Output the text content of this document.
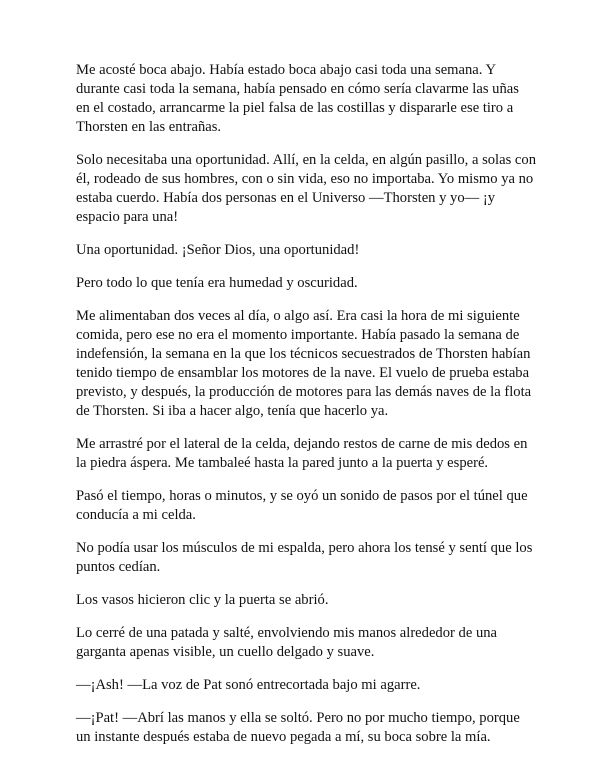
Me acosté boca abajo. Había estado boca abajo casi toda una semana. Y durante casi toda la semana, había pensado en cómo sería clavarme las uñas en el costado, arrancarme la piel falsa de las costillas y dispararle ese tiro a Thorsten en las entrañas.

Solo necesitaba una oportunidad. Allí, en la celda, en algún pasillo, a solas con él, rodeado de sus hombres, con o sin vida, eso no importaba. Yo mismo ya no estaba cuerdo. Había dos personas en el Universo —Thorsten y yo— ¡y espacio para una!

Una oportunidad. ¡Señor Dios, una oportunidad!

Pero todo lo que tenía era humedad y oscuridad.

Me alimentaban dos veces al día, o algo así. Era casi la hora de mi siguiente comida, pero ese no era el momento importante. Había pasado la semana de indefensión, la semana en la que los técnicos secuestrados de Thorsten habían tenido tiempo de ensamblar los motores de la nave. El vuelo de prueba estaba previsto, y después, la producción de motores para las demás naves de la flota de Thorsten. Si iba a hacer algo, tenía que hacerlo ya.

Me arrastré por el lateral de la celda, dejando restos de carne de mis dedos en la piedra áspera. Me tambaleé hasta la pared junto a la puerta y esperé.

Pasó el tiempo, horas o minutos, y se oyó un sonido de pasos por el túnel que conducía a mi celda.

No podía usar los músculos de mi espalda, pero ahora los tensé y sentí que los puntos cedían.

Los vasos hicieron clic y la puerta se abrió.

Lo cerré de una patada y salté, envolviendo mis manos alrededor de una garganta apenas visible, un cuello delgado y suave.

—¡Ash! —La voz de Pat sonó entrecortada bajo mi agarre.

—¡Pat! —Abrí las manos y ella se soltó. Pero no por mucho tiempo, porque un instante después estaba de nuevo pegada a mí, su boca sobre la mía.
